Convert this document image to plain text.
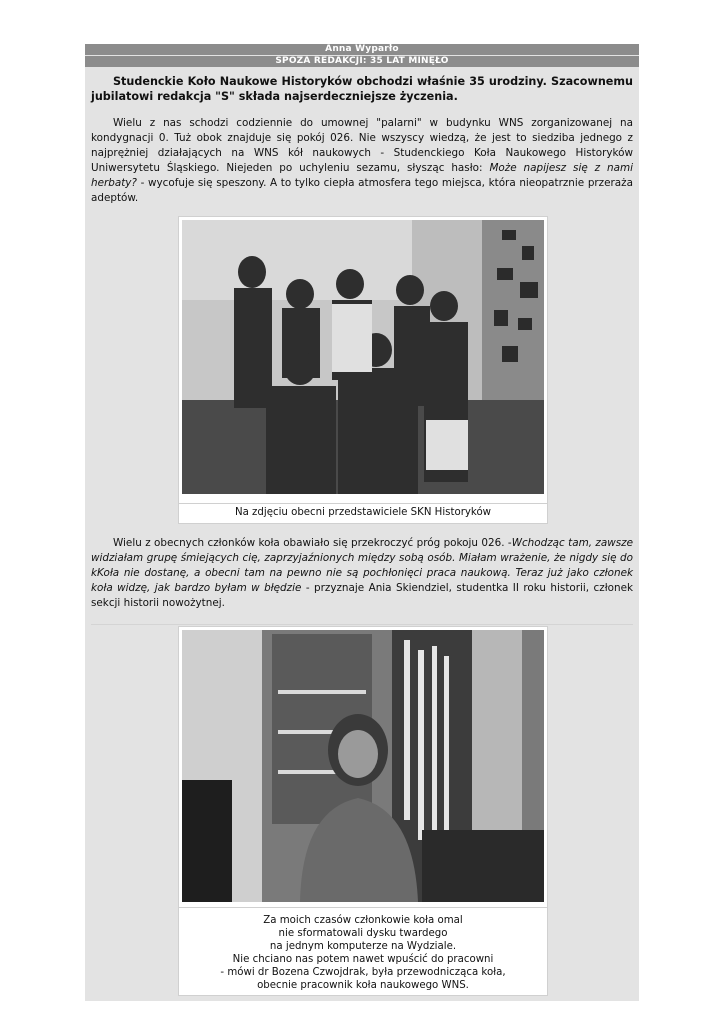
Anna Wyparło
SPOZA REDAKCJI: 35 LAT MINĘŁO

Studenckie Koło Naukowe Historyków obchodzi właśnie 35 urodziny. Szacownemu jubilatowi redakcja "S" składa najserdeczniejsze życzenia.

Wielu z nas schodzi codziennie do umownej "palarni" w budynku WNS zorganizowanej na kondygnacji 0. Tuż obok znajduje się pokój 026. Nie wszyscy wiedzą, że jest to siedziba jednego z najprężniej działających na WNS kół naukowych - Studenckiego Koła Naukowego Historyków Uniwersytetu Śląskiego. Niejeden po uchyleniu sezamu, słysząc hasło: Może napijesz się z nami herbaty? - wycofuje się speszony. A to tylko ciepła atmosfera tego miejsca, która nieopatrznie przeraża adeptów.

Na zdjęciu obecni przedstawiciele SKN Historyków

Wielu z obecnych członków koła obawiało się przekroczyć próg pokoju 026. -Wchodząc tam, zawsze widziałam grupę śmiejących cię, zaprzyjaźnionych między sobą osób. Miałam wrażenie, że nigdy się do kKoła nie dostanę, a obecni tam na pewno nie są pochłonięci praca naukową. Teraz już jako członek koła widzę, jak bardzo byłam w błędzie - przyznaje Ania Skiendziel, studentka II roku historii, członek sekcji historii nowożytnej.

Za moich czasów członkowie koła omal
nie sformatowali dysku twardego
na jednym komputerze na Wydziale.
Nie chciano nas potem nawet wpuścić do pracowni
- mówi dr Bozena Czwojdrak, była przewodnicząca koła,
obecnie pracownik koła naukowego WNS.
